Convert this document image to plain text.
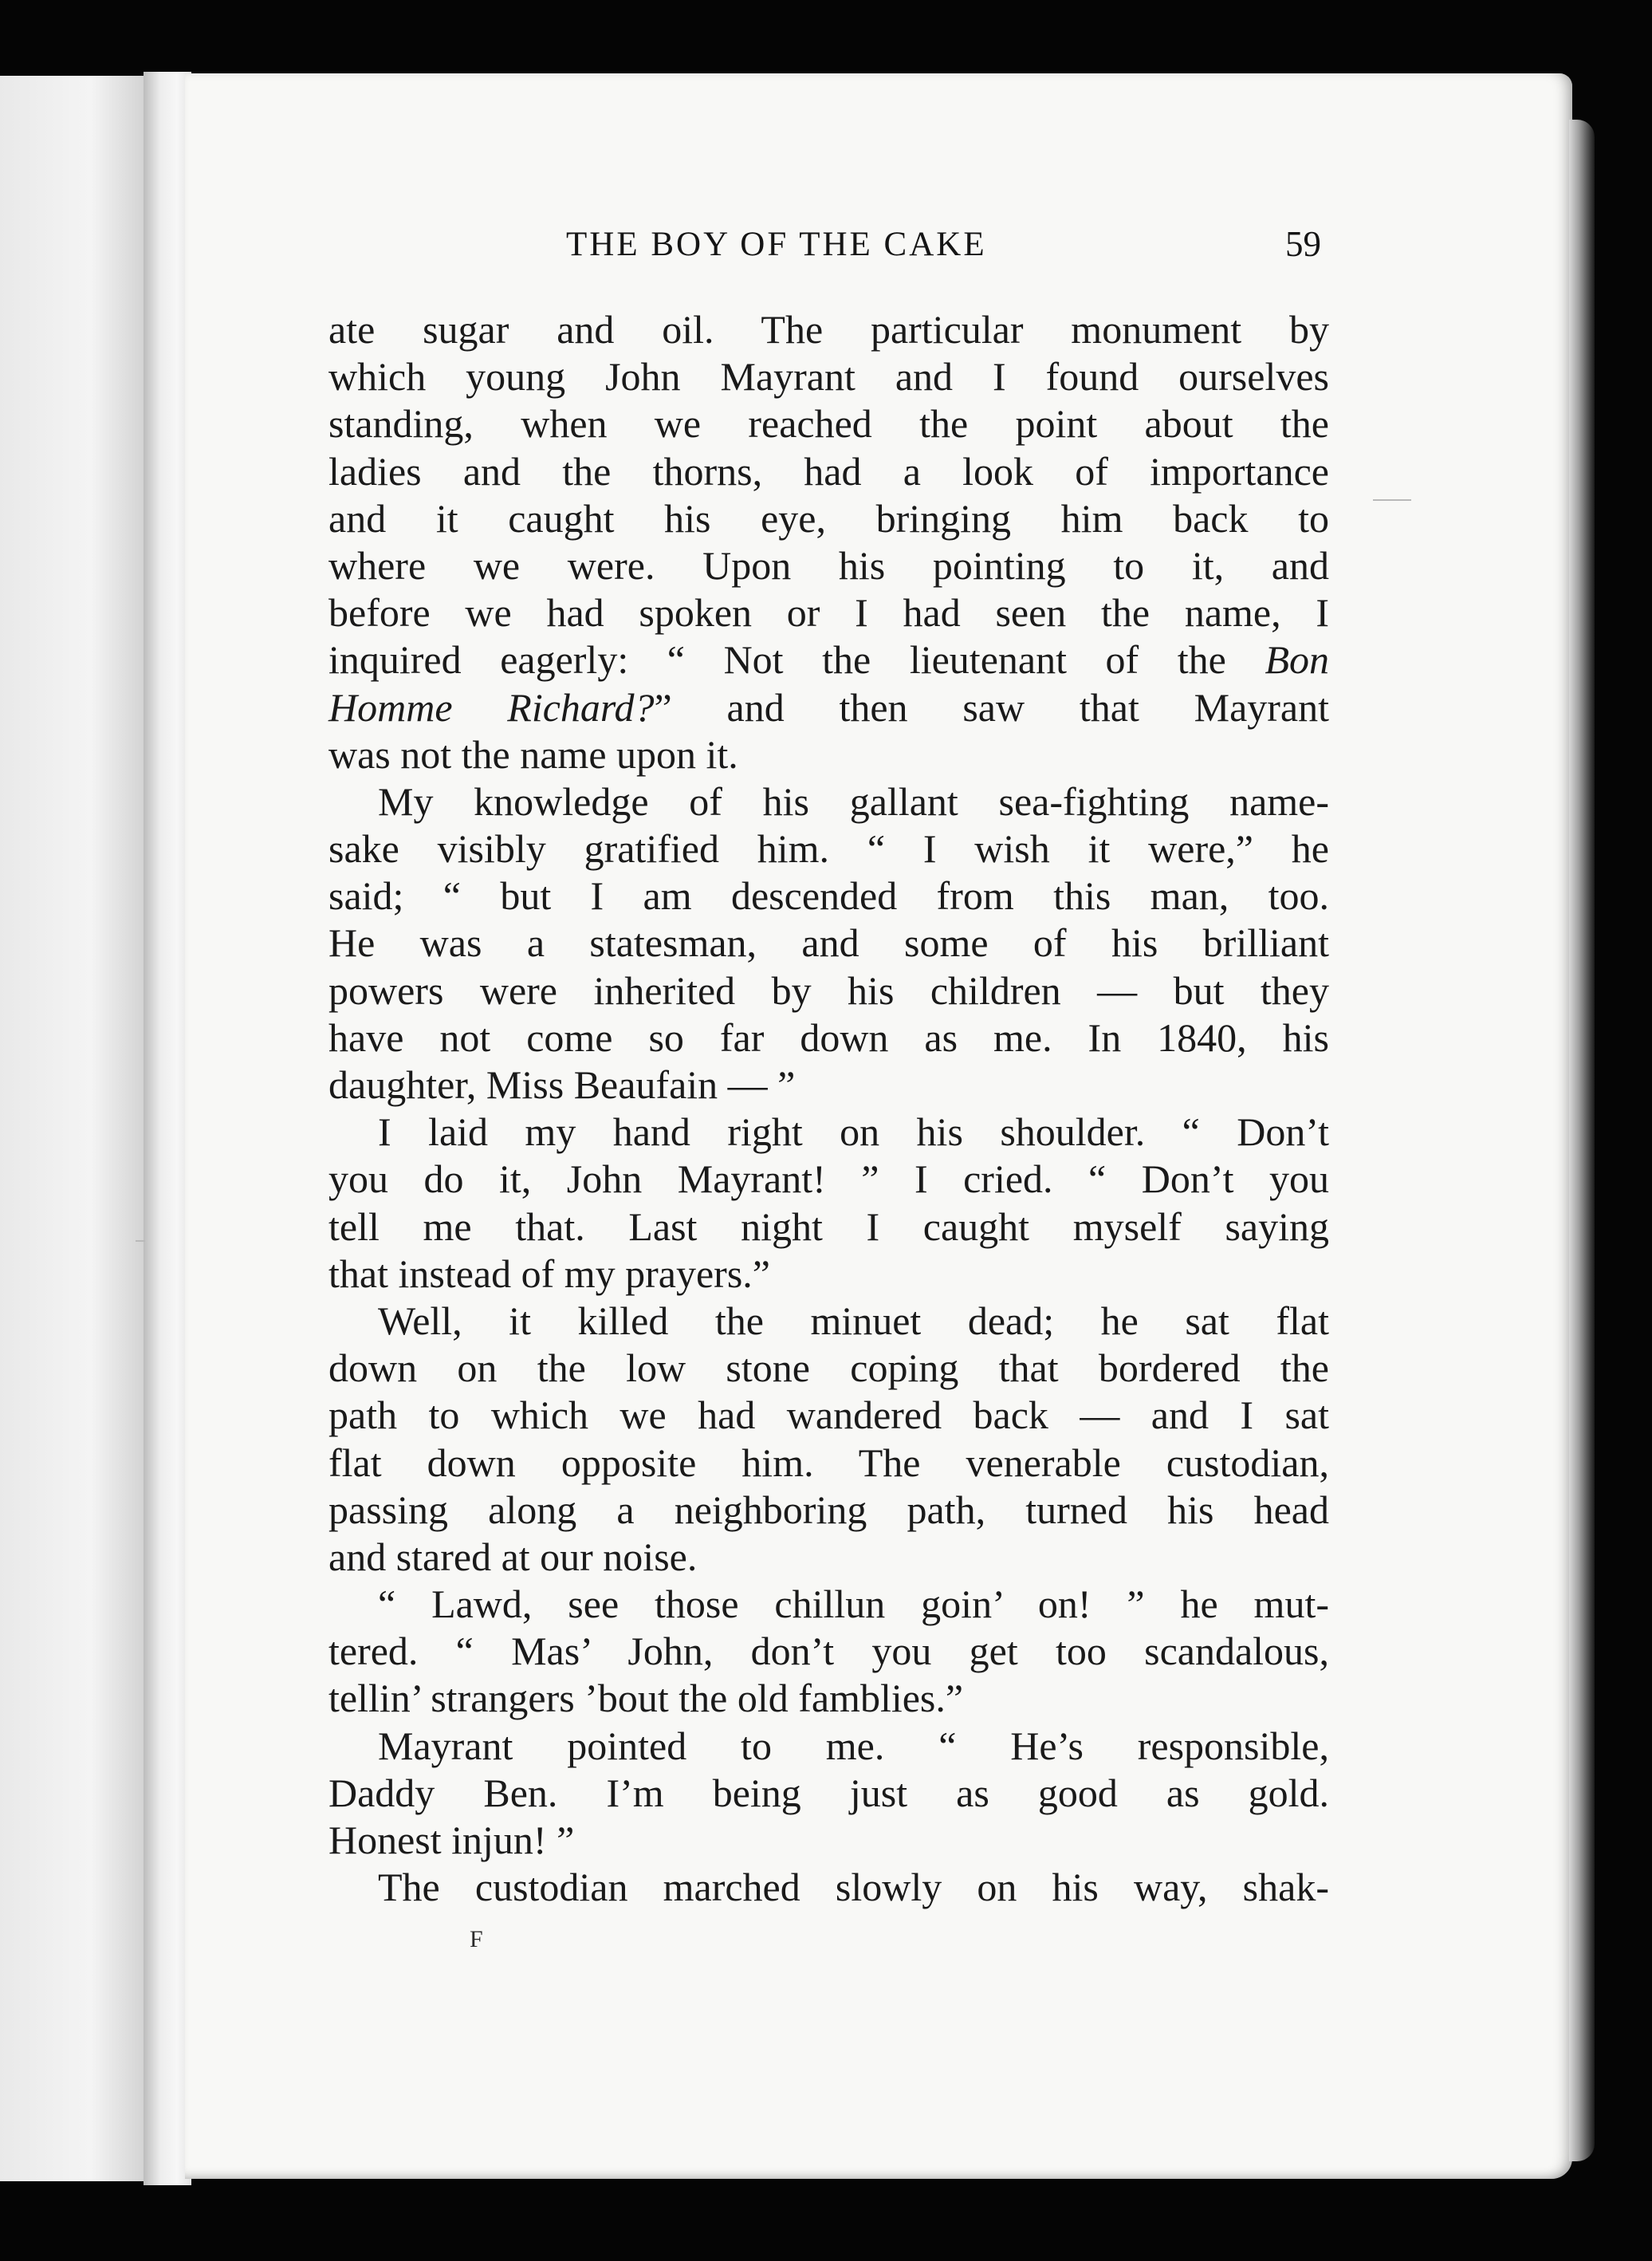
THE BOY OF THE CAKE	59
ate sugar and oil. The particular monument by
which young John Mayrant and I found ourselves
standing, when we reached the point about the
ladies and the thorns, had a look of importance
and it caught his eye, bringing him back to
where we were. Upon his pointing to it, and
before we had spoken or I had seen the name, I
inquired eagerly: “ Not the lieutenant of the Bon
Homme Richard?” and then saw that Mayrant
was not the name upon it.
My knowledge of his gallant sea-fighting name-
sake visibly gratified him. “ I wish it were,” he
said; “ but I am descended from this man, too.
He was a statesman, and some of his brilliant
powers were inherited by his children — but they
have not come so far down as me. In 1840, his
daughter, Miss Beaufain — ”
I laid my hand right on his shoulder. “ Don’t
you do it, John Mayrant! ” I cried. “ Don’t you
tell me that. Last night I caught myself saying
that instead of my prayers.”
Well, it killed the minuet dead; he sat flat
down on the low stone coping that bordered the
path to which we had wandered back — and I sat
flat down opposite him. The venerable custodian,
passing along a neighboring path, turned his head
and stared at our noise.
“ Lawd, see those chillun goin’ on! ” he mut-
tered. “ Mas’ John, don’t you get too scandalous,
tellin’ strangers ’bout the old famblies.”
Mayrant pointed to me. “ He’s responsible,
Daddy Ben. I’m being just as good as gold.
Honest injun! ”
The custodian marched slowly on his way, shak-
F
